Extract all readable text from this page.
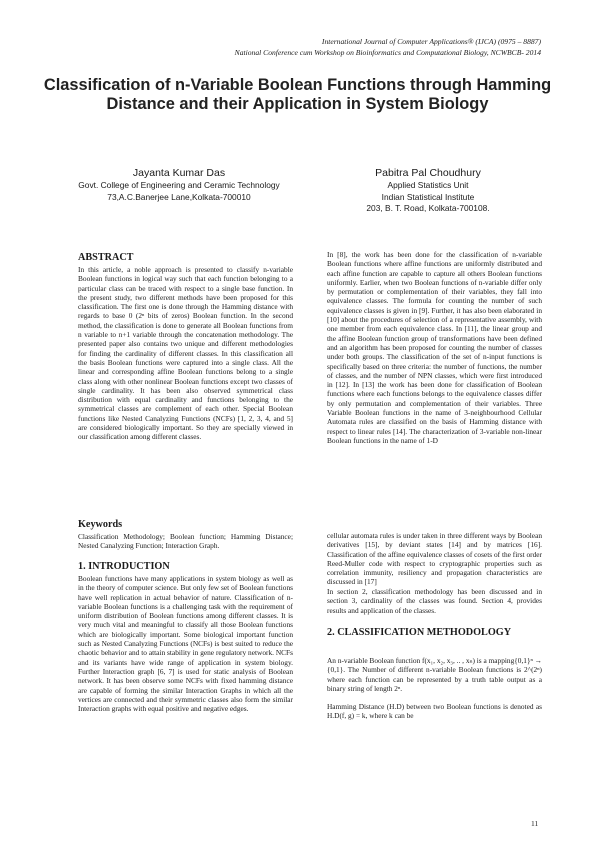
International Journal of Computer Applications® (IJCA) (0975 – 8887)
National Conference cum Workshop on Bioinformatics and Computational Biology, NCWBCB- 2014
Classification of n-Variable Boolean Functions through Hamming Distance and their Application in System Biology
Jayanta Kumar Das
Govt. College of Engineering and Ceramic Technology
73,A.C.Banerjee Lane,Kolkata-700010
Pabitra Pal Choudhury
Applied Statistics Unit
Indian Statistical Institute
203, B. T. Road, Kolkata-700108.
ABSTRACT

In this article, a noble approach is presented to classify n-variable Boolean functions in logical way such that each function belonging to a particular class can be traced with respect to a single base function. In the present study, two different methods have been proposed for this classification. The first one is done through the Hamming distance with regards to base 0 (2ⁿ bits of zeros) Boolean function. In the second method, the classification is done to generate all Boolean functions from n variable to n+1 variable through the concatenation methodology. The presented paper also contains two unique and different methodologies for finding the cardinality of different classes. In this classification all the basis Boolean functions were captured into a single class. All the linear and corresponding affine Boolean functions belong to a single class along with other nonlinear Boolean functions except two classes of single cardinality. It has been also observed symmetrical class distribution with equal cardinality and functions belonging to the symmetrical classes are complement of each other. Special Boolean functions like Nested Canalyzing Functions (NCFs) [1, 2, 3, 4, and 5] are considered biologically important. So they are specially viewed in our classification among different classes.

Keywords

Classification Methodology; Boolean function; Hamming Distance; Nested Canalyzing Function; Interaction Graph.

1. INTRODUCTION

Boolean functions have many applications in system biology as well as in the theory of computer science. But only few set of Boolean functions have well replication in actual behavior of nature. Classification of n-variable Boolean functions is a challenging task with the requirement of uniform distribution of Boolean functions among different classes. It is very much vital and meaningful to classify all those Boolean functions which are biologically important. Some biological important function such as Nested Canalyzing Functions (NCFs) is best suited to reduce the chaotic behavior and to attain stability in gene regulatory network. NCFs and its variants have wide range of application in system biology. Further Interaction graph [6, 7] is used for static analysis of Boolean network. It has been observe some NCFs with fixed hamming distance are capable of forming the similar Interaction Graphs in which all the vertices are connected and their symmetric classes also form the similar Interaction graphs with equal positive and negative edges.

In [8], the work has been done for the classification of n-variable Boolean functions where affine functions are uniformly distributed and each affine function are capable to capture all others Boolean functions uniformly. Earlier, when two Boolean functions of n-variable differ only by permutation or complementation of their variables, they fall into equivalence classes. The formula for counting the number of such equivalence classes is given in [9]. Further, it has also been elaborated in [10] about the procedures of selection of a representative assembly, with one member from each equivalence class. In [11], the linear group and the affine Boolean function group of transformations have been defined and an algorithm has been proposed for counting the number of classes under both groups. The classification of the set of n-input functions is specifically based on three criteria: the number of functions, the number of classes, and the number of NPN classes, which were first introduced in [12]. In [13] the work has been done for classification of Boolean functions where each functions belongs to the equivalence classes differ by only permutation and complementation of their variables. Three Variable Boolean functions in the name of 3-neighbourhood Cellular Automata rules are classified on the basis of Hamming distance with respect to linear rules [14]. The characterization of 3-variable non-linear Boolean functions in the name of 1-D

cellular automata rules is under taken in three different ways by Boolean derivatives [15], by deviant states [14] and by matrices [16]. Classification of the affine equivalence classes of cosets of the first order Reed-Muller code with respect to cryptographic properties such as correlation immunity, resiliency and propagation characteristics are discussed in [17]

In section 2, classification methodology has been discussed and in section 3, cardinality of the classes was found. Section 4, provides results and application of the classes.

2. CLASSIFICATION METHODOLOGY

An n-variable Boolean function f(x₁, x₂, x₃, .. , xₙ) is a mapping{0,1}ⁿ → {0,1}. The Number of different n-variable Boolean functions is 2^(2ⁿ) where each function can be represented by a truth table output as a binary string of length 2ⁿ.

Hamming Distance (H.D) between two Boolean functions is denoted as H.D(f, g) = k, where k can be

11
